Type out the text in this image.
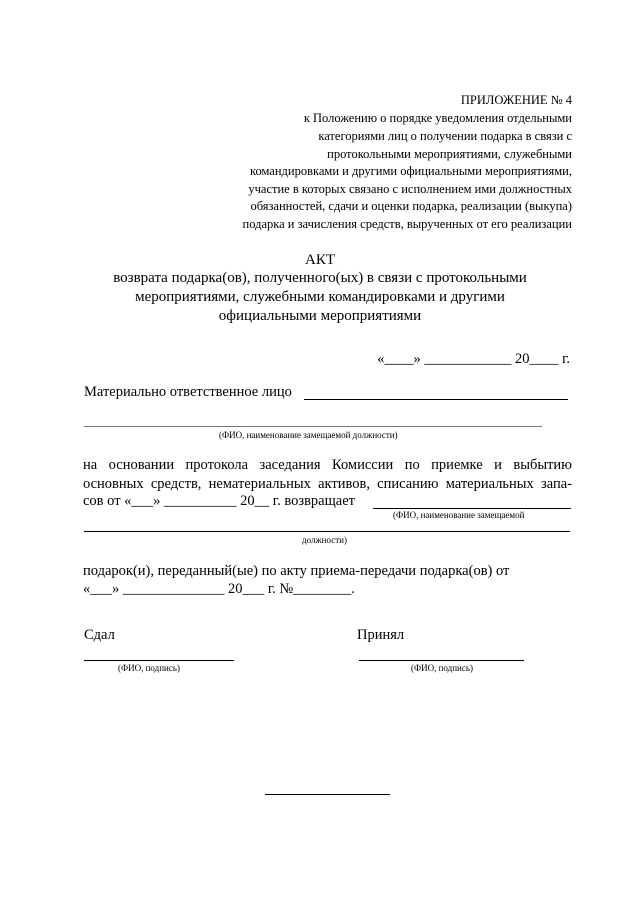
ПРИЛОЖЕНИЕ № 4
к Положению о порядке уведомления отдельными
категориями лиц о получении подарка в связи с
протокольными мероприятиями, служебными
командировками и другими официальными мероприятиями,
участие в которых связано с исполнением ими должностных
обязанностей, сдачи и оценки подарка, реализации (выкупа)
подарка и зачисления средств, вырученных от его реализации
АКТ
возврата подарка(ов), полученного(ых) в связи с протокольными
мероприятиями, служебными командировками и другими
официальными мероприятиями
«____» ____________ 20____ г.
Материально ответственное лицо
(ФИО, наименование замещаемой должности)
на основании протокола заседания Комиссии по приемке и выбытию
основных средств, нематериальных активов, списанию материальных запа-
сов от «___» __________ 20__ г. возвращает
(ФИО, наименование замещаемой
должности)
подарок(и), переданный(ые) по акту приема-передачи подарка(ов) от
«___» ______________ 20___ г. №________.
Сдал
(ФИО, подпись)
Принял
(ФИО, подпись)
